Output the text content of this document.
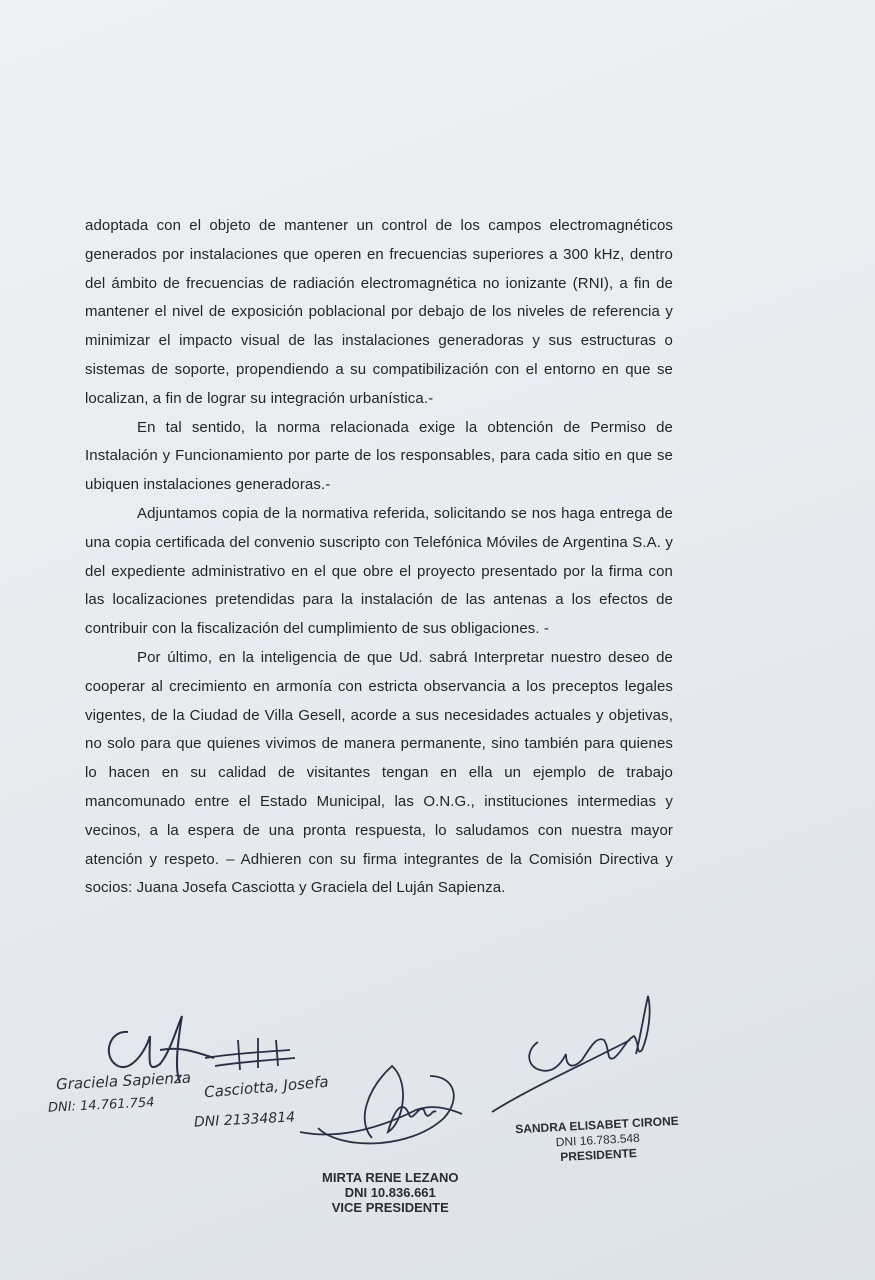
adoptada con el objeto de mantener un control de los campos electromagnéticos generados por instalaciones que operen en frecuencias superiores a 300 kHz, dentro del ámbito de frecuencias de radiación electromagnética no ionizante (RNI), a fin de mantener el nivel de exposición poblacional por debajo de los niveles de referencia y minimizar el impacto visual de las instalaciones generadoras y sus estructuras o sistemas de soporte, propendiendo a su compatibilización con el entorno en que se localizan, a fin de lograr su integración urbanística.-

En tal sentido, la norma relacionada exige la obtención de Permiso de Instalación y Funcionamiento por parte de los responsables, para cada sitio en que se ubiquen instalaciones generadoras.-

Adjuntamos copia de la normativa referida, solicitando se nos haga entrega de una copia certificada del convenio suscripto con Telefónica Móviles de Argentina S.A. y del expediente administrativo en el que obre el proyecto presentado por la firma con las localizaciones pretendidas para la instalación de las antenas a los efectos de contribuir con la fiscalización del cumplimiento de sus obligaciones. -

Por último, en la inteligencia de que Ud. sabrá Interpretar nuestro deseo de cooperar al crecimiento en armonía con estricta observancia a los preceptos legales vigentes, de la Ciudad de Villa Gesell, acorde a sus necesidades actuales y objetivas, no solo para que quienes vivimos de manera permanente, sino también para quienes lo hacen en su calidad de visitantes tengan en ella un ejemplo de trabajo mancomunado entre el Estado Municipal, las O.N.G., instituciones intermedias y vecinos, a la espera de una pronta respuesta, lo saludamos con nuestra mayor atención y respeto. – Adhieren con su firma integrantes de la Comisión Directiva y socios: Juana Josefa Casciotta y Graciela del Luján Sapienza.

Graciela Sapienza
DNI: 14.761.754
Casciotta, Josefa
DNI 21334814	SANDRA ELISABET CIRONE
DNI 16.783.548
PRESIDENTE
MIRTA RENE LEZANO
DNI 10.836.661
VICE PRESIDENTE
